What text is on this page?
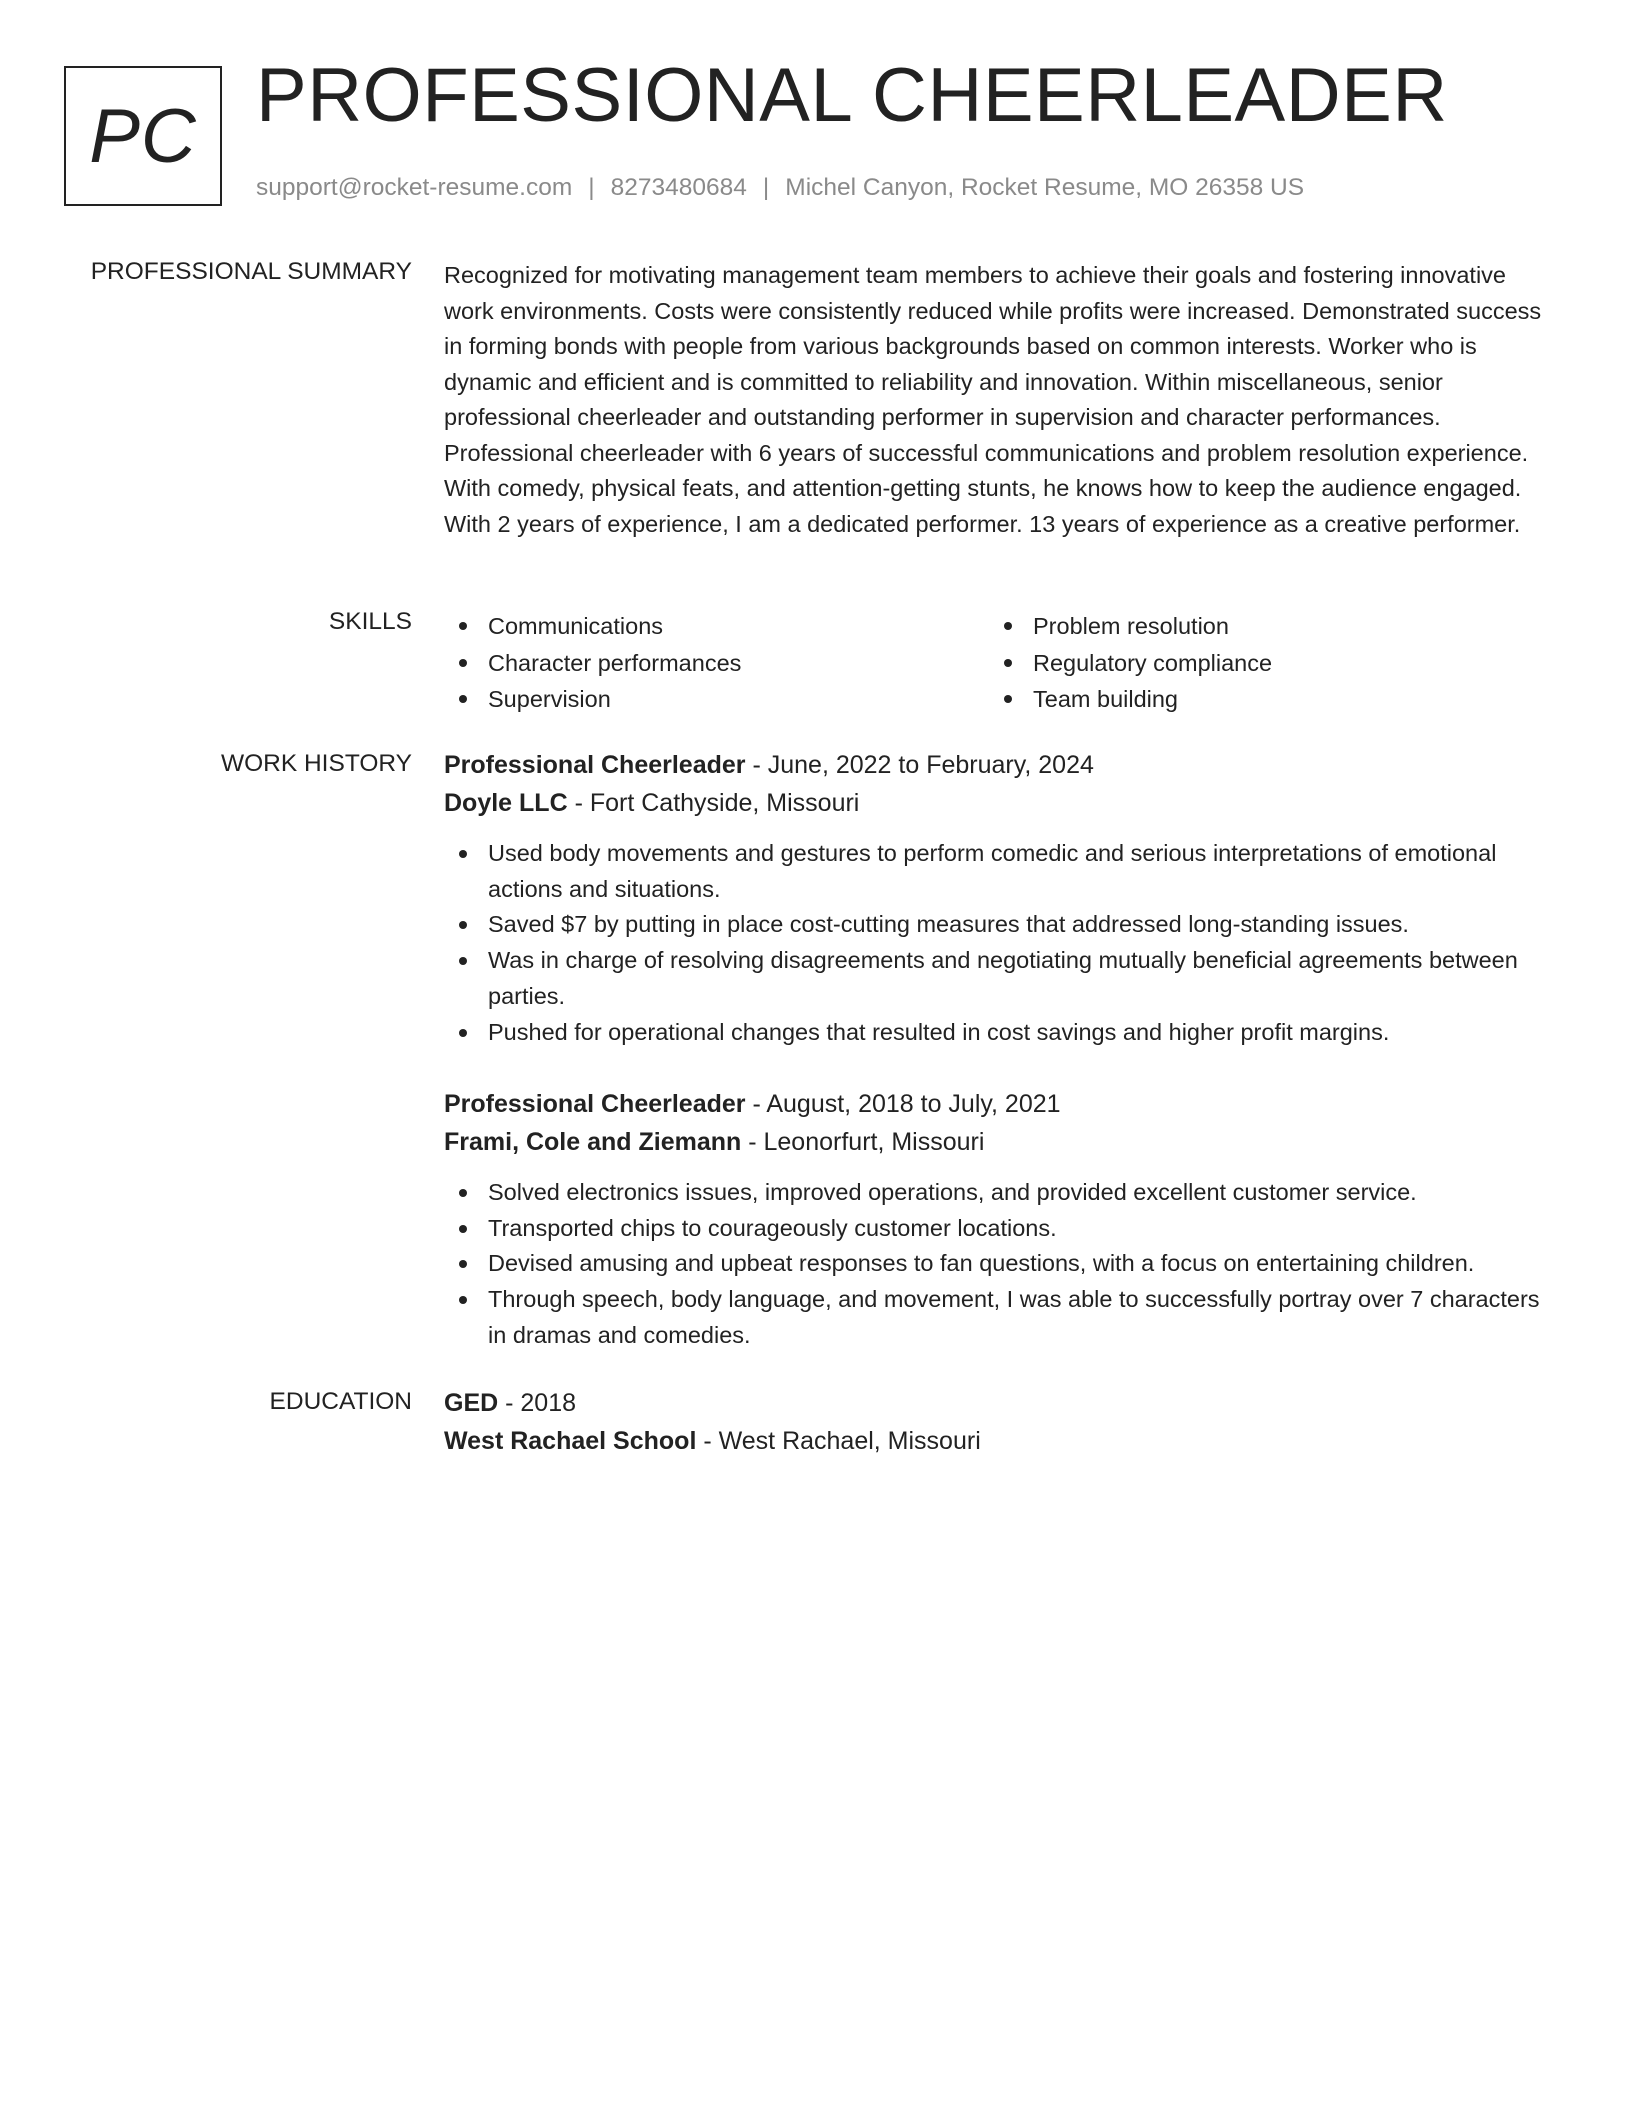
PC PROFESSIONAL CHEERLEADER
support@rocket-resume.com | 8273480684 | Michel Canyon, Rocket Resume, MO 26358 US
PROFESSIONAL SUMMARY Recognized for motivating management team members to achieve their goals and fostering innovative work environments. Costs were consistently reduced while profits were increased. Demonstrated success in forming bonds with people from various backgrounds based on common interests. Worker who is dynamic and efficient and is committed to reliability and innovation. Within miscellaneous, senior professional cheerleader and outstanding performer in supervision and character performances. Professional cheerleader with 6 years of successful communications and problem resolution experience. With comedy, physical feats, and attention-getting stunts, he knows how to keep the audience engaged. With 2 years of experience, I am a dedicated performer. 13 years of experience as a creative performer.

SKILLS	Communications
Character performances
Supervision
Problem resolution
Regulatory compliance
Team building
WORK HISTORY Professional Cheerleader - June, 2022 to February, 2024
Doyle LLC - Fort Cathyside, Missouri
Used body movements and gestures to perform comedic and serious interpretations of emotional actions and situations.
Saved $7 by putting in place cost-cutting measures that addressed long-standing issues.
Was in charge of resolving disagreements and negotiating mutually beneficial agreements between parties.
Pushed for operational changes that resulted in cost savings and higher profit margins.
Professional Cheerleader - August, 2018 to July, 2021
Frami, Cole and Ziemann - Leonorfurt, Missouri
Solved electronics issues, improved operations, and provided excellent customer service.
Transported chips to courageously customer locations.
Devised amusing and upbeat responses to fan questions, with a focus on entertaining children.
Through speech, body language, and movement, I was able to successfully portray over 7 characters in dramas and comedies.
EDUCATION GED - 2018
West Rachael School - West Rachael, Missouri
